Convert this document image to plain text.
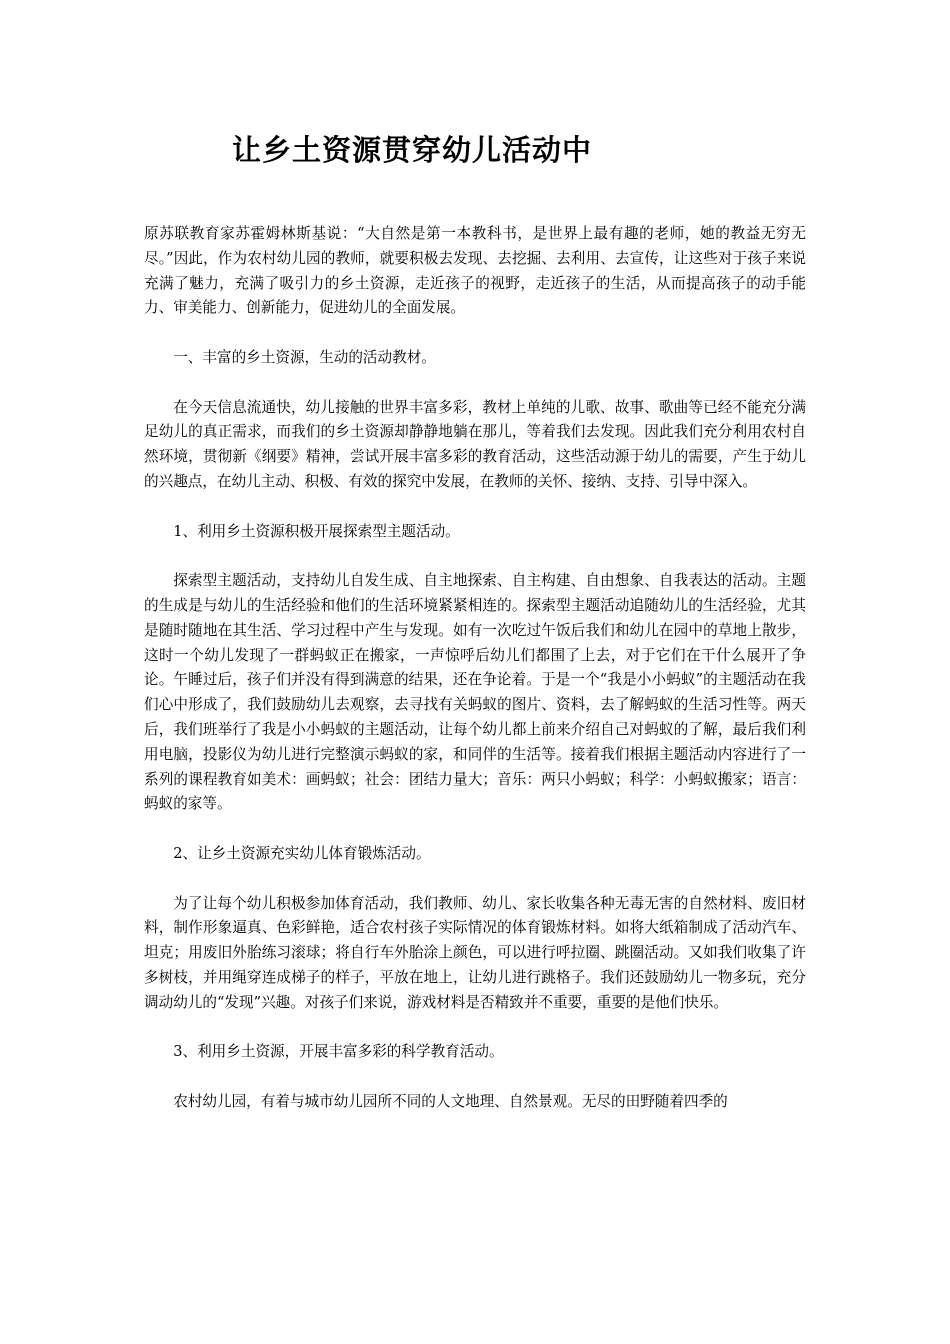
让乡土资源贯穿幼儿活动中

原苏联教育家苏霍姆林斯基说：“大自然是第一本教科书，是世界上最有趣的老师，她的教益无穷无尽。”因此，作为农村幼儿园的教师，就要积极去发现、去挖掘、去利用、去宣传，让这些对于孩子来说充满了魅力，充满了吸引力的乡土资源，走近孩子的视野，走近孩子的生活，从而提高孩子的动手能力、审美能力、创新能力，促进幼儿的全面发展。

一、丰富的乡土资源，生动的活动教材。

在今天信息流通快，幼儿接触的世界丰富多彩，教材上单纯的儿歌、故事、歌曲等已经不能充分满足幼儿的真正需求，而我们的乡土资源却静静地躺在那儿，等着我们去发现。因此我们充分利用农村自然环境，贯彻新《纲要》精神，尝试开展丰富多彩的教育活动，这些活动源于幼儿的需要，产生于幼儿的兴趣点，在幼儿主动、积极、有效的探究中发展，在教师的关怀、接纳、支持、引导中深入。

1、利用乡土资源积极开展探索型主题活动。

探索型主题活动，支持幼儿自发生成、自主地探索、自主构建、自由想象、自我表达的活动。主题的生成是与幼儿的生活经验和他们的生活环境紧紧相连的。探索型主题活动追随幼儿的生活经验，尤其是随时随地在其生活、学习过程中产生与发现。如有一次吃过午饭后我们和幼儿在园中的草地上散步，这时一个幼儿发现了一群蚂蚁正在搬家，一声惊呼后幼儿们都围了上去，对于它们在干什么展开了争论。午睡过后，孩子们并没有得到满意的结果，还在争论着。于是一个“我是小小蚂蚁”的主题活动在我们心中形成了，我们鼓励幼儿去观察，去寻找有关蚂蚁的图片、资料，去了解蚂蚁的生活习性等。两天后，我们班举行了我是小小蚂蚁的主题活动，让每个幼儿都上前来介绍自己对蚂蚁的了解，最后我们利用电脑，投影仪为幼儿进行完整演示蚂蚁的家，和同伴的生活等。接着我们根据主题活动内容进行了一系列的课程教育如美术：画蚂蚁；社会：团结力量大；音乐：两只小蚂蚁；科学：小蚂蚁搬家；语言：蚂蚁的家等。

2、让乡土资源充实幼儿体育锻炼活动。

为了让每个幼儿积极参加体育活动，我们教师、幼儿、家长收集各种无毒无害的自然材料、废旧材料，制作形象逼真、色彩鲜艳，适合农村孩子实际情况的体育锻炼材料。如将大纸箱制成了活动汽车、坦克；用废旧外胎练习滚球；将自行车外胎涂上颜色，可以进行呼拉圈、跳圈活动。又如我们收集了许多树枝，并用绳穿连成梯子的样子，平放在地上，让幼儿进行跳格子。我们还鼓励幼儿一物多玩，充分调动幼儿的“发现”兴趣。对孩子们来说，游戏材料是否精致并不重要，重要的是他们快乐。

3、利用乡土资源，开展丰富多彩的科学教育活动。

农村幼儿园，有着与城市幼儿园所不同的人文地理、自然景观。无尽的田野随着四季的
